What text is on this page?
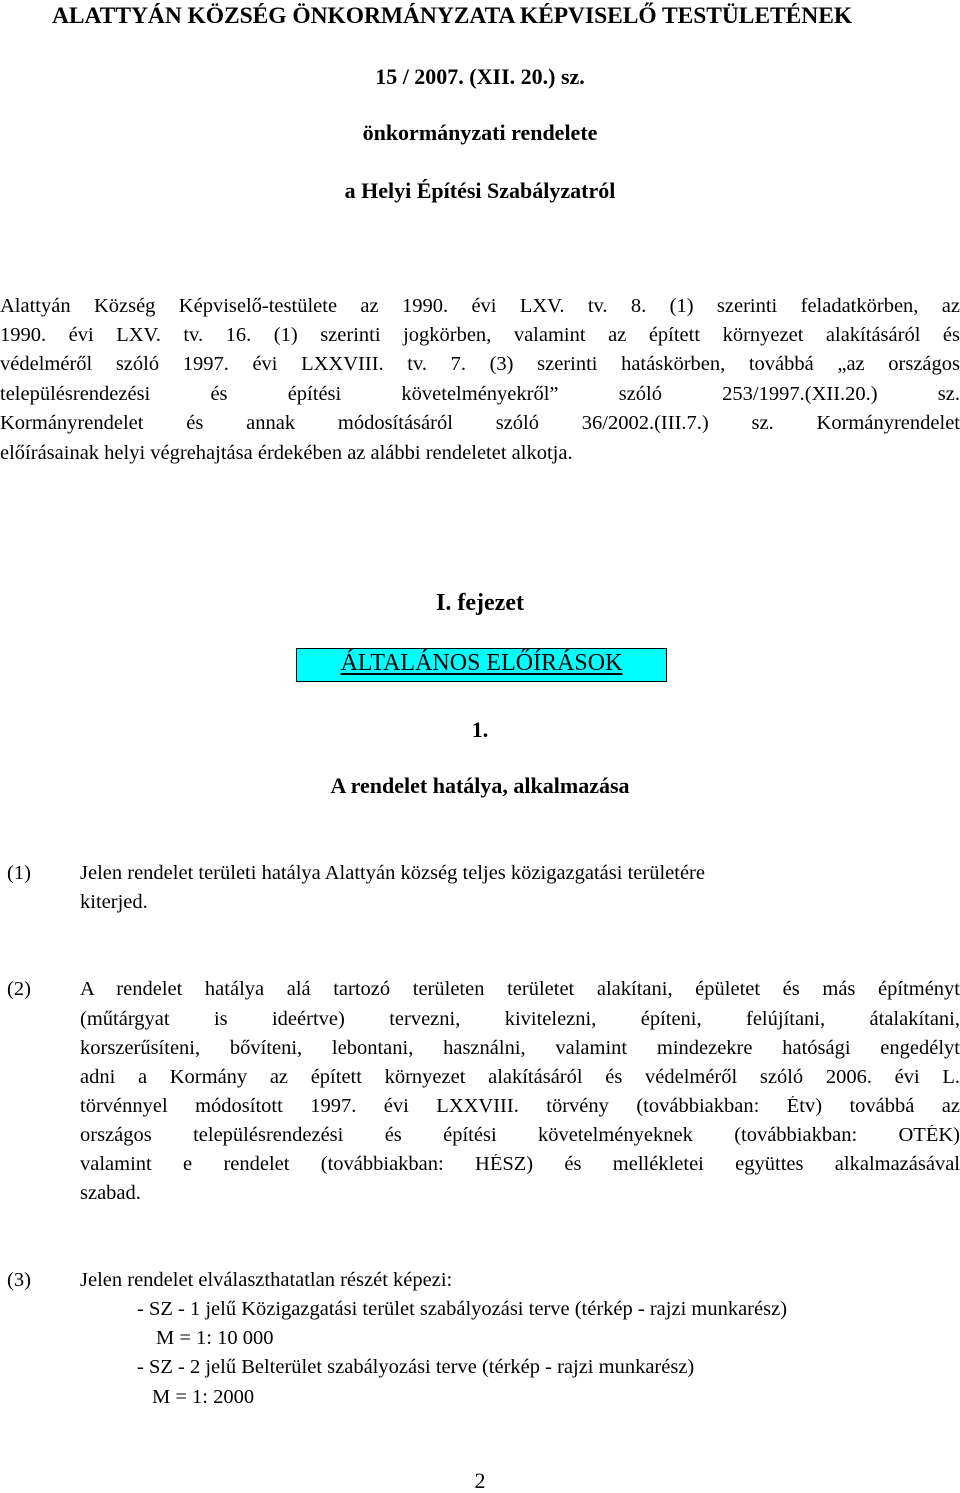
ALATTYÁN KÖZSÉG ÖNKORMÁNYZATA KÉPVISELŐ TESTÜLETÉNEK
15 / 2007. (XII. 20.) sz.
önkormányzati rendelete
a Helyi Építési Szabályzatról
Alattyán Község Képviselő-testülete az 1990. évi LXV. tv. 8. (1) szerinti feladatkörben, az
1990. évi LXV. tv. 16. (1) szerinti jogkörben, valamint az épített környezet alakításáról és
védelméről szóló 1997. évi LXXVIII. tv. 7. (3) szerinti hatáskörben, továbbá „az országos
településrendezési és építési követelményekről” szóló 253/1997.(XII.20.) sz.
Kormányrendelet és annak módosításáról szóló 36/2002.(III.7.) sz. Kormányrendelet
előírásainak helyi végrehajtása érdekében az alábbi rendeletet alkotja.
I. fejezet
ÁLTALÁNOS ELŐÍRÁSOK
1.
A rendelet hatálya, alkalmazása
(1) Jelen rendelet területi hatálya Alattyán község teljes közigazgatási területére
kiterjed.
(2) A rendelet hatálya alá tartozó területen területet alakítani, épületet és más építményt
(műtárgyat is ideértve) tervezni, kivitelezni, építeni, felújítani, átalakítani,
korszerűsíteni, bővíteni, lebontani, használni, valamint mindezekre hatósági engedélyt
adni a Kormány az épített környezet alakításáról és védelméről szóló 2006. évi L.
törvénnyel módosított 1997. évi LXXVIII. törvény (továbbiakban: Étv) továbbá az
országos településrendezési és építési követelményeknek (továbbiakban: OTÉK)
valamint e rendelet (továbbiakban: HÉSZ) és mellékletei együttes alkalmazásával
szabad.
(3) Jelen rendelet elválaszthatatlan részét képezi:
- SZ - 1 jelű Közigazgatási terület szabályozási terve (térkép - rajzi munkarész)
M = 1: 10 000
- SZ - 2 jelű Belterület szabályozási terve (térkép - rajzi munkarész)
M = 1: 2000
2
